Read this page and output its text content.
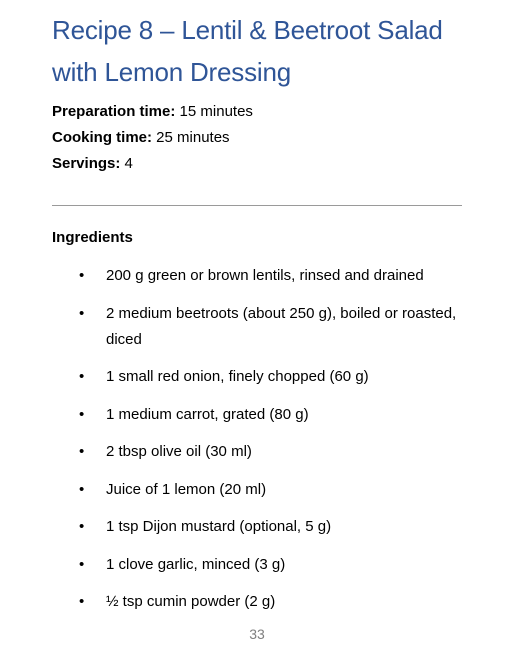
Recipe 8 – Lentil & Beetroot Salad
with Lemon Dressing
Preparation time: 15 minutes
Cooking time: 25 minutes
Servings: 4
Ingredients
•	200 g green or brown lentils, rinsed and drained
•	2 medium beetroots (about 250 g), boiled or roasted, diced
•	1 small red onion, finely chopped (60 g)
•	1 medium carrot, grated (80 g)
•	2 tbsp olive oil (30 ml)
•	Juice of 1 lemon (20 ml)
•	1 tsp Dijon mustard (optional, 5 g)
•	1 clove garlic, minced (3 g)
•	½ tsp cumin powder (2 g)
33
